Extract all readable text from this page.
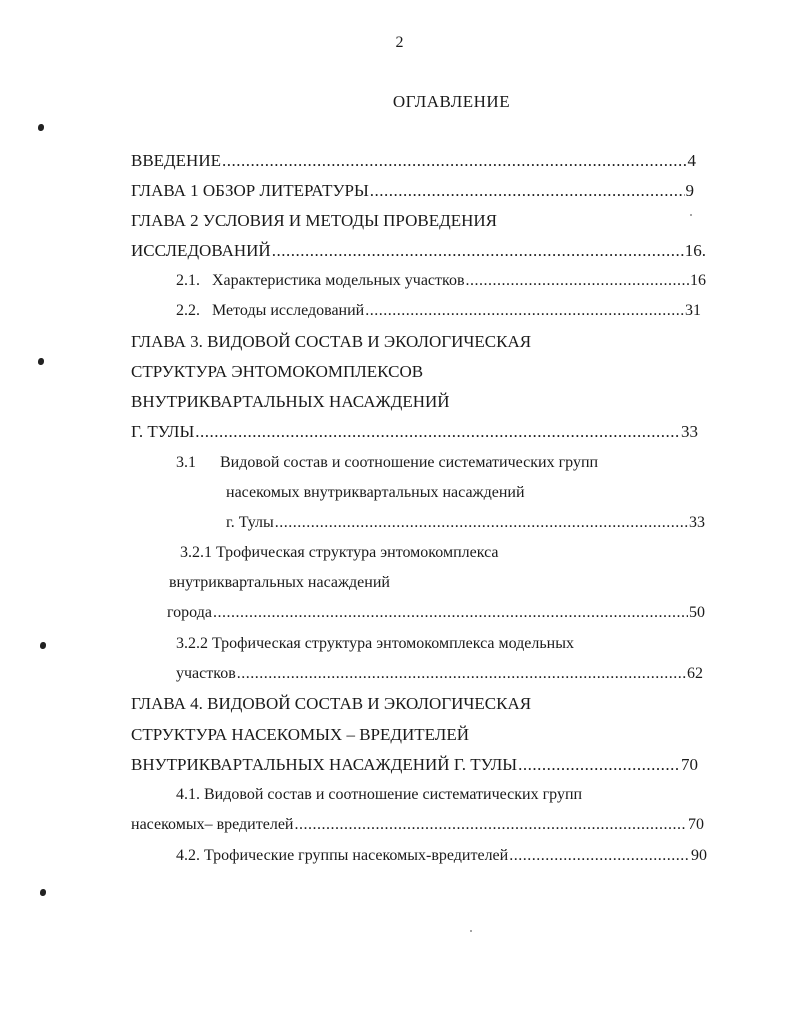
2
ОГЛАВЛЕНИЕ
ВВЕДЕНИЕ .....	4
ГЛАВА 1 ОБЗОР ЛИТЕРАТУРЫ .....	9
ГЛАВА 2 УСЛОВИЯ И МЕТОДЫ ПРОВЕДЕНИЯ
ИССЛЕДОВАНИЙ .....	16.
2.1.   Характеристика модельных участков .....	16
2.2.   Методы исследований .....	31
ГЛАВА 3. ВИДОВОЙ СОСТАВ И ЭКОЛОГИЧЕСКАЯ
СТРУКТУРА ЭНТОМОКОМПЛЕКСОВ
ВНУТРИКВАРТАЛЬНЫХ НАСАЖДЕНИЙ
Г. ТУЛЫ .....	33
3.1      Видовой состав и соотношение систематических групп
насекомых внутриквартальных насаждений
г. Тулы .....	33
3.2.1 Трофическая структура энтомокомплекса
внутриквартальных насаждений
города .....	50
3.2.2 Трофическая структура энтомокомплекса модельных
участков .....	62
ГЛАВА 4. ВИДОВОЙ СОСТАВ И ЭКОЛОГИЧЕСКАЯ
СТРУКТУРА НАСЕКОМЫХ – ВРЕДИТЕЛЕЙ
ВНУТРИКВАРТАЛЬНЫХ НАСАЖДЕНИЙ Г. ТУЛЫ .....	70
4.1. Видовой состав и соотношение систематических групп
насекомых– вредителей .....	70
4.2. Трофические группы насекомых-вредителей .....	90
